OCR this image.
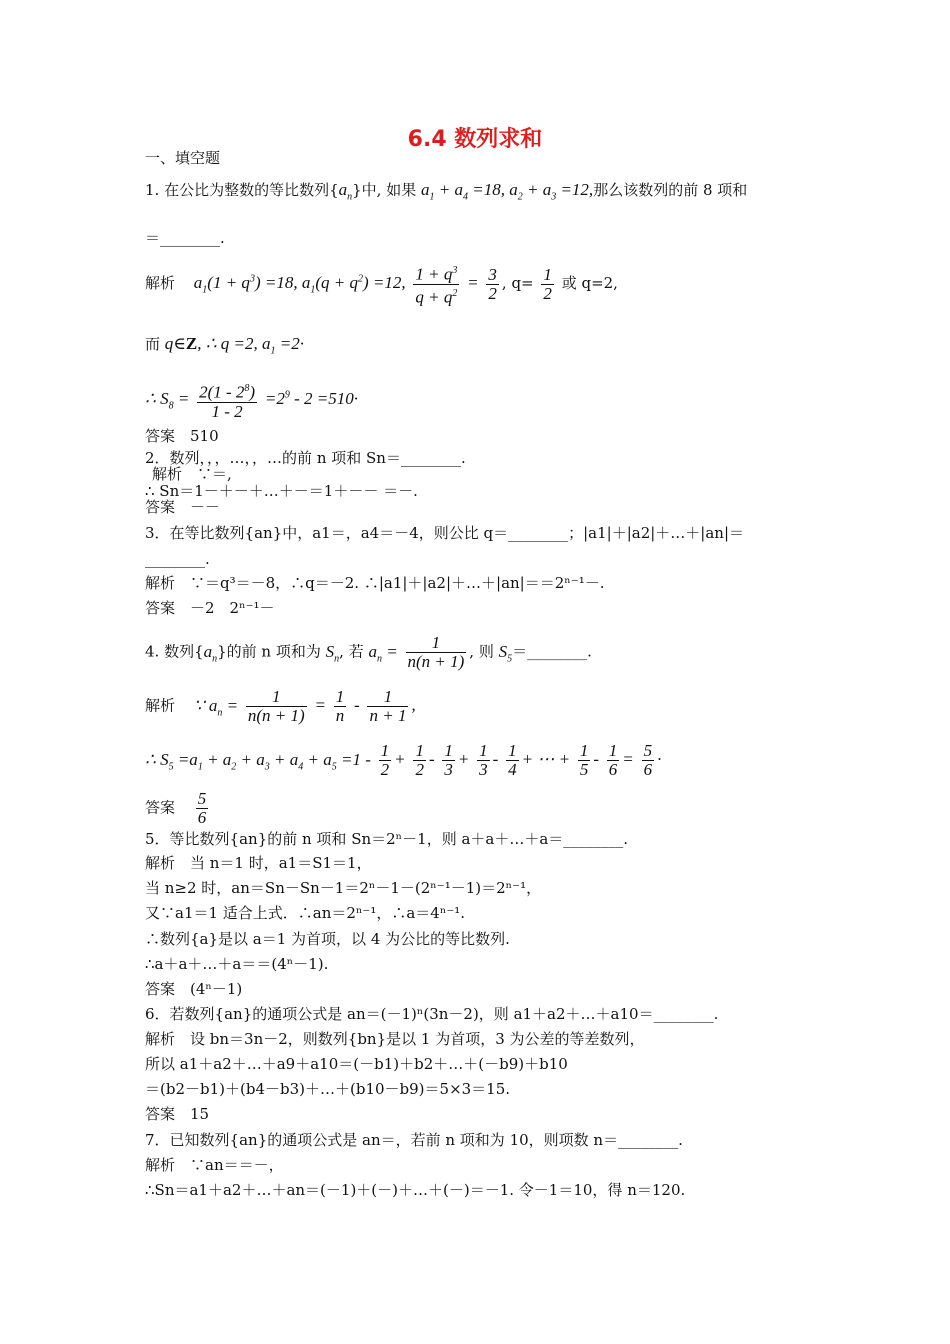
6.4 数列求和
一、填空题
1. 在公比为整数的等比数列$\{a_n\}$中, 如果 $a_1 + a_4 =18$, $a_2 + a_3 =12$,那么该数列的前 8 项和
＝________.
解析 $a_1(1 + q^3) =18$, $a_1(q + q^2) =12$, $\frac{1 + q^3}{q + q^2} = \frac{3}{2}$ , $q= \frac{1}{2}$ 或 q=2,
而 q∈Z, ∴ q =2, $a_1 =2\cdot$
∴ $S_8 = \frac{2(1 - 2^8)}{1 - 2} =2^9 - 2 =510\cdot$
答案　510
2．数列，，，…，，…的前 n 项和 Sn＝________.
解析　∵＝,
∴ Sn＝1－＋－＋…＋－＝1＋－－ ＝－.
答案　－－
3．在等比数列{an}中，a1＝，a4＝－4，则公比 q＝________；|a1|＋|a2|＋…＋|an|＝
________.
解析　∵＝q³＝－8，∴q＝－2. ∴|a1|＋|a2|＋…＋|an|＝＝2ⁿ⁻¹－.
答案　－2　2ⁿ⁻¹－
4. 数列$\{a_n\}$的前 n 项和为 $S_n$, 若 $a_n = \frac{1}{n(n + 1)}$ , 则 $S_5=\_\_\_\_\_\_\_\_$.
解析 ∵ $a_n = \frac{1}{n(n + 1)} = \frac{1}{n} - \frac{1}{n + 1}$ ,
∴ $S_5 =a_1 + a_2 + a_3 + a_4 + a_5 =1 - \frac{1}{2} + \frac{1}{2} - \frac{1}{3} + \frac{1}{3} - \frac{1}{4}$ + ⋯ + $\frac{1}{5} - \frac{1}{6} = \frac{5}{6}$ ·
答案 $\frac{5}{6}$
5．等比数列{an}的前 n 项和 Sn＝2ⁿ－1，则 a＋a＋…＋a＝________.
解析　当 n＝1 时，a1＝S1＝1，
当 n≥2 时，an＝Sn－Sn－1＝2ⁿ－1－(2ⁿ⁻¹－1)＝2ⁿ⁻¹，
又∵a1＝1 适合上式．∴an＝2ⁿ⁻¹，∴a＝4ⁿ⁻¹.
∴数列{a}是以 a＝1 为首项，以 4 为公比的等比数列.
∴a＋a＋…＋a＝＝(4ⁿ－1).
答案　(4ⁿ－1)
6．若数列{an}的通项公式是 an＝(－1)ⁿ(3n－2)，则 a1＋a2＋…＋a10＝________.
解析　设 bn＝3n－2，则数列{bn}是以 1 为首项，3 为公差的等差数列，
所以 a1＋a2＋…＋a9＋a10＝(－b1)＋b2＋…＋(－b9)＋b10
＝(b2－b1)＋(b4－b3)＋…＋(b10－b9)＝5×3＝15.
答案　15
7．已知数列{an}的通项公式是 an＝，若前 n 项和为 10，则项数 n＝________.
解析　∵an＝＝－，
∴Sn＝a1＋a2＋…＋an＝(－1)＋(－)＋…＋(－)＝－1. 令－1＝10，得 n＝120.
